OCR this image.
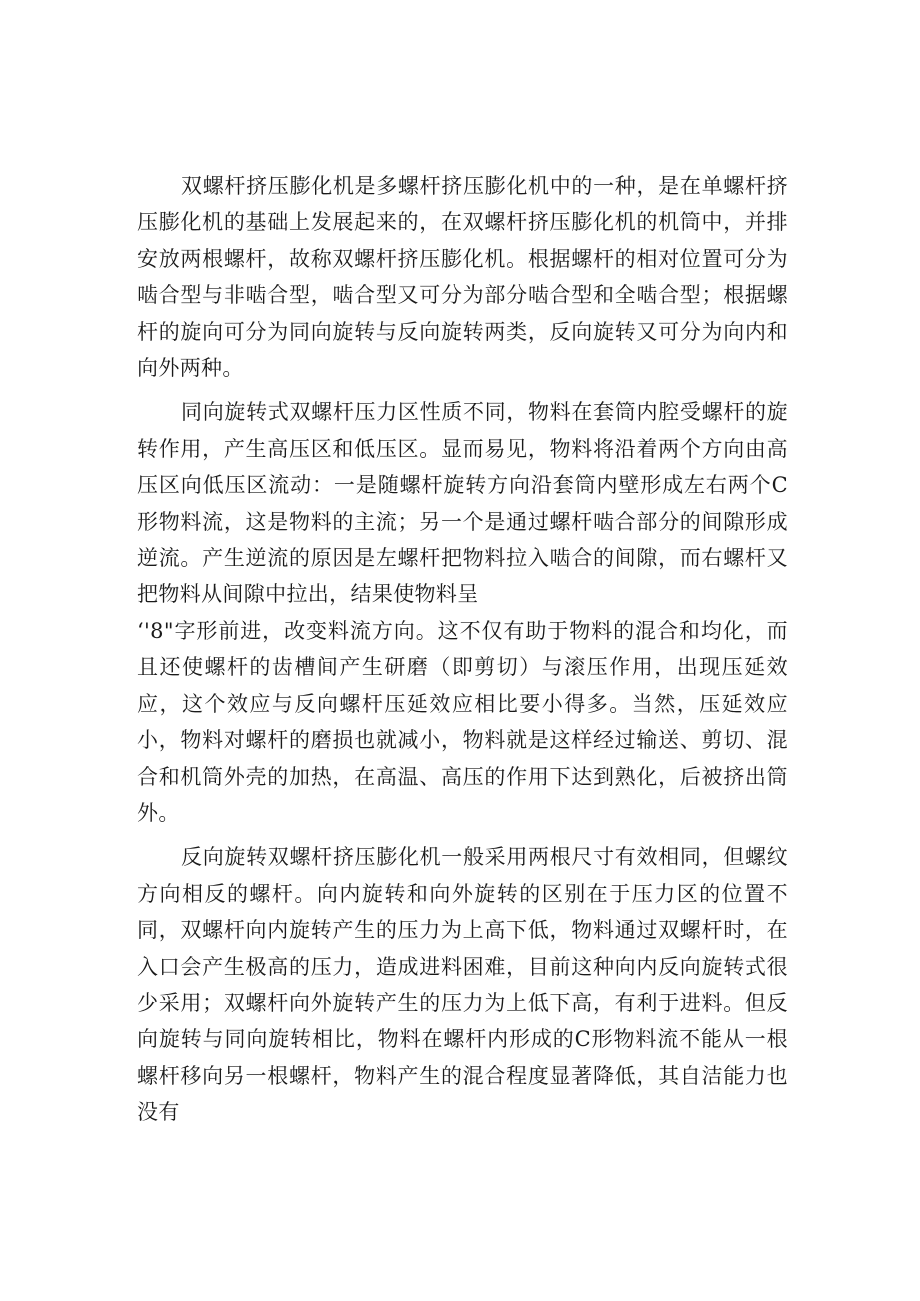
双螺杆挤压膨化机是多螺杆挤压膨化机中的一种，是在单螺杆挤压膨化机的基础上发展起来的，在双螺杆挤压膨化机的机筒中，并排安放两根螺杆，故称双螺杆挤压膨化机。根据螺杆的相对位置可分为啮合型与非啮合型，啮合型又可分为部分啮合型和全啮合型；根据螺杆的旋向可分为同向旋转与反向旋转两类，反向旋转又可分为向内和向外两种。

同向旋转式双螺杆压力区性质不同，物料在套筒内腔受螺杆的旋转作用，产生高压区和低压区。显而易见，物料将沿着两个方向由高压区向低压区流动：一是随螺杆旋转方向沿套筒内壁形成左右两个C形物料流，这是物料的主流；另一个是通过螺杆啮合部分的间隙形成逆流。产生逆流的原因是左螺杆把物料拉入啮合的间隙，而右螺杆又把物料从间隙中拉出，结果使物料呈

‘'8"字形前进，改变料流方向。这不仅有助于物料的混合和均化，而且还使螺杆的齿槽间产生研磨（即剪切）与滚压作用，出现压延效应，这个效应与反向螺杆压延效应相比要小得多。当然，压延效应小，物料对螺杆的磨损也就减小，物料就是这样经过输送、剪切、混合和机筒外壳的加热，在高温、高压的作用下达到熟化，后被挤出筒外。

反向旋转双螺杆挤压膨化机一般采用两根尺寸有效相同，但螺纹方向相反的螺杆。向内旋转和向外旋转的区别在于压力区的位置不同，双螺杆向内旋转产生的压力为上高下低，物料通过双螺杆时，在入口会产生极高的压力，造成进料困难，目前这种向内反向旋转式很少采用；双螺杆向外旋转产生的压力为上低下高，有利于进料。但反向旋转与同向旋转相比，物料在螺杆内形成的C形物料流不能从一根螺杆移向另一根螺杆，物料产生的混合程度显著降低，其自洁能力也没有
